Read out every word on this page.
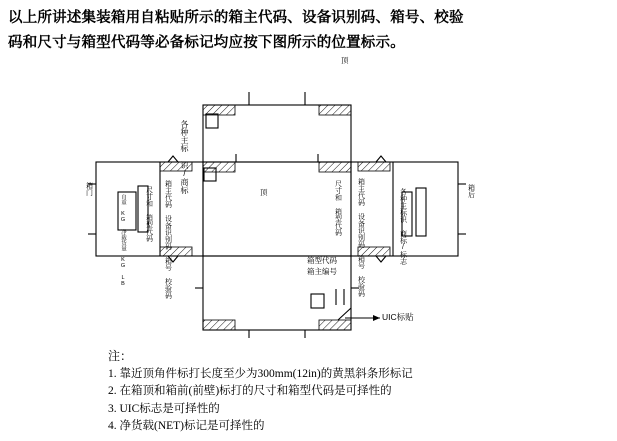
以上所讲述集装箱用自粘贴所示的箱主代码、设备识别码、箱号、校验
码和尺寸与箱型代码等必备标记均应按下图所示的位置标示。
顶
箱门	箱后
顶
各种主标 识/商标
箱主代码 设备识别码 箱号 校验码
尺寸和 箱型代码
自重 KG 净载货量 KG LB	尺寸和 箱型代码 箱主代码 设备识别码 箱号 校验码	各种主标识 商标/标志
箱型代码
箱主编号
UIC标贴
注：
1. 靠近顶角件标打长度至少为300mm(12in)的黄黑斜条形标记
2. 在箱顶和箱前(前壁)标打的尺寸和箱型代码是可择性的
3. UIC标志是可择性的
4. 净货载(NET)标记是可择性的
